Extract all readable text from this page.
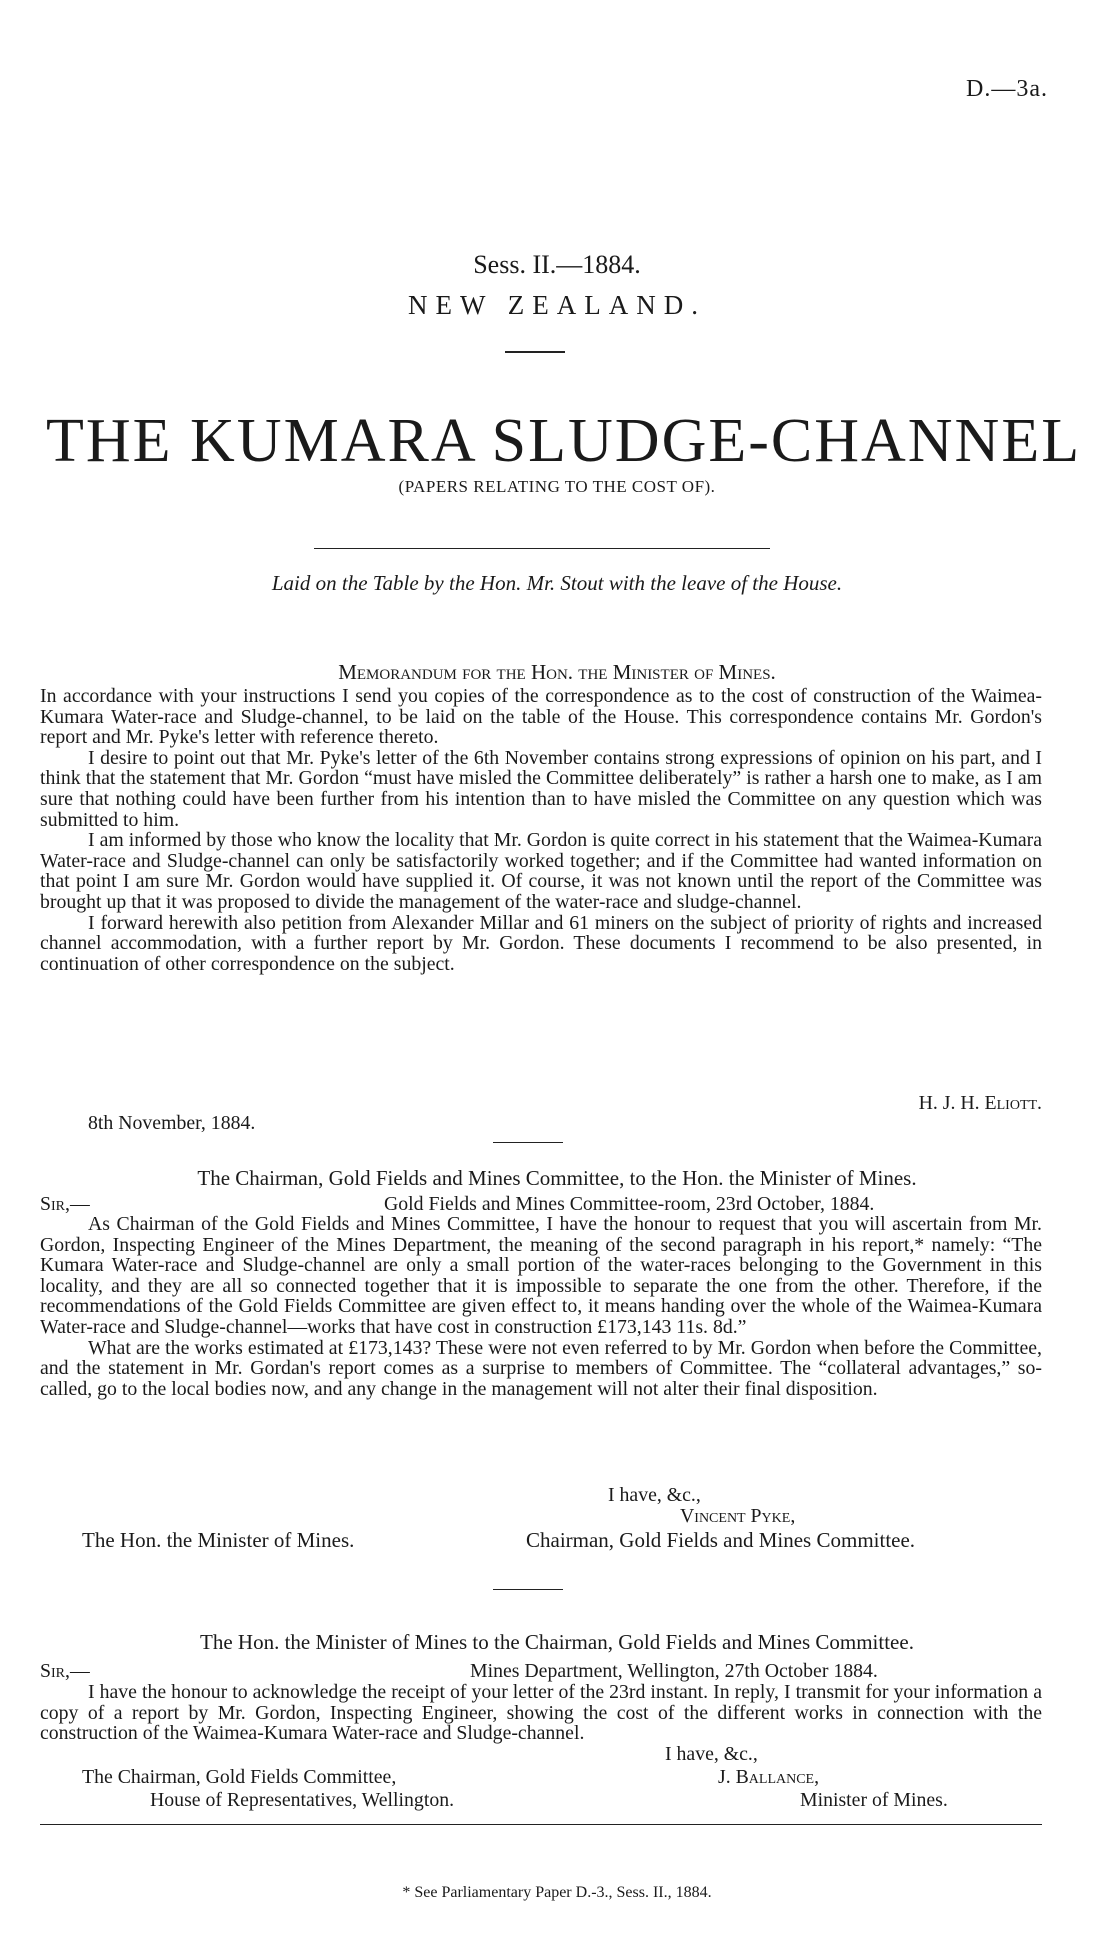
D.—3a.
Sess. II.—1884.
NEW ZEALAND.
THE KUMARA SLUDGE-CHANNEL
(PAPERS RELATING TO THE COST OF).
Laid on the Table by the Hon. Mr. Stout with the leave of the House.
Memorandum for the Hon. the Minister of Mines.

In accordance with your instructions I send you copies of the correspondence as to the cost of construction of the Waimea-Kumara Water-race and Sludge-channel, to be laid on the table of the House. This correspondence contains Mr. Gordon's report and Mr. Pyke's letter with reference thereto.

I desire to point out that Mr. Pyke's letter of the 6th November contains strong expressions of opinion on his part, and I think that the statement that Mr. Gordon “must have misled the Committee deliberately” is rather a harsh one to make, as I am sure that nothing could have been further from his intention than to have misled the Committee on any question which was submitted to him.

I am informed by those who know the locality that Mr. Gordon is quite correct in his statement that the Waimea-Kumara Water-race and Sludge-channel can only be satisfactorily worked together; and if the Committee had wanted information on that point I am sure Mr. Gordon would have supplied it. Of course, it was not known until the report of the Committee was brought up that it was proposed to divide the management of the water-race and sludge-channel.

I forward herewith also petition from Alexander Millar and 61 miners on the subject of priority of rights and increased channel accommodation, with a further report by Mr. Gordon. These documents I recommend to be also presented, in continuation of other correspondence on the subject.

H. J. H. Eliott.
8th November, 1884.
The Chairman, Gold Fields and Mines Committee, to the Hon. the Minister of Mines.
Sir,—	Gold Fields and Mines Committee-room, 23rd October, 1884.

As Chairman of the Gold Fields and Mines Committee, I have the honour to request that you will ascertain from Mr. Gordon, Inspecting Engineer of the Mines Department, the meaning of the second paragraph in his report,* namely: “The Kumara Water-race and Sludge-channel are only a small portion of the water-races belonging to the Government in this locality, and they are all so connected together that it is impossible to separate the one from the other. Therefore, if the recommendations of the Gold Fields Committee are given effect to, it means handing over the whole of the Waimea-Kumara Water-race and Sludge-channel—works that have cost in construction £173,143 11s. 8d.”

What are the works estimated at £173,143? These were not even referred to by Mr. Gordon when before the Committee, and the statement in Mr. Gordan's report comes as a surprise to members of Committee. The “collateral advantages,” so-called, go to the local bodies now, and any change in the management will not alter their final disposition.

I have, &c.,
Vincent Pyke,
The Hon. the Minister of Mines.	Chairman, Gold Fields and Mines Committee.
The Hon. the Minister of Mines to the Chairman, Gold Fields and Mines Committee.
Sir,—	Mines Department, Wellington, 27th October 1884.

I have the honour to acknowledge the receipt of your letter of the 23rd instant. In reply, I transmit for your information a copy of a report by Mr. Gordon, Inspecting Engineer, showing the cost of the different works in connection with the construction of the Waimea-Kumara Water-race and Sludge-channel.

I have, &c.,
The Chairman, Gold Fields Committee,	J. Ballance,
House of Representatives, Wellington.	Minister of Mines.
* See Parliamentary Paper D.-3., Sess. II., 1884.
